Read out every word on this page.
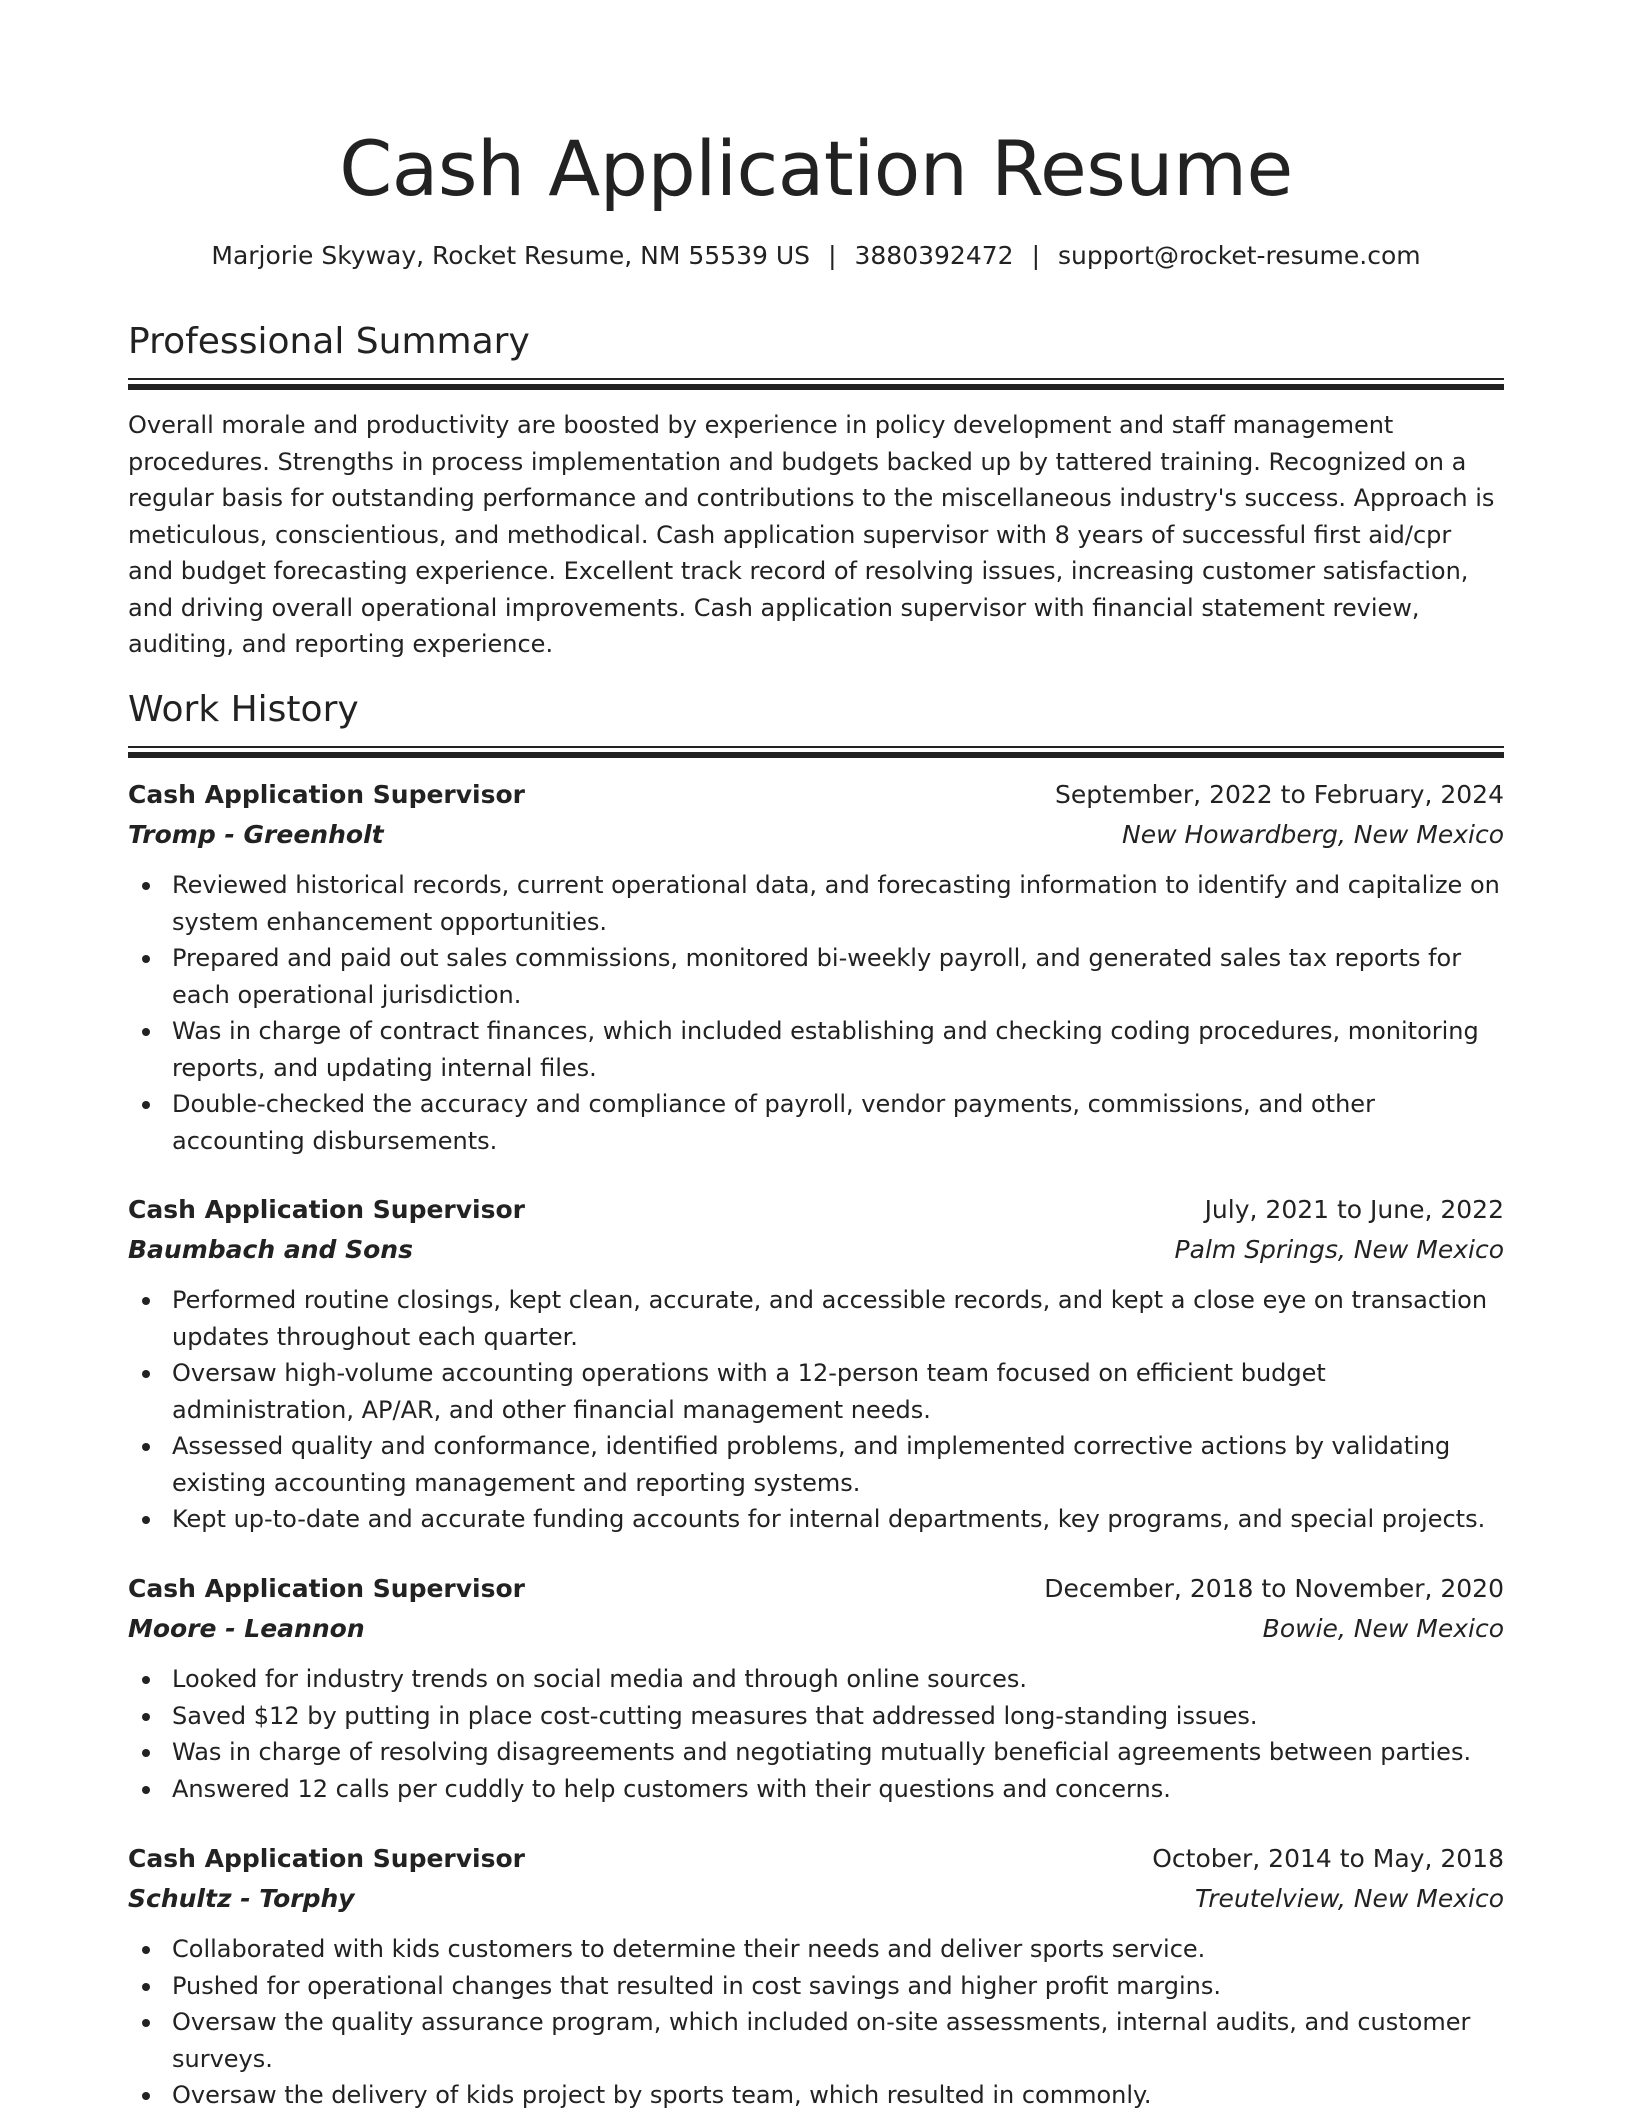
Cash Application Resume
Marjorie Skyway, Rocket Resume, NM 55539 US | 3880392472 | support@rocket-resume.com
Professional Summary

Overall morale and productivity are boosted by experience in policy development and staff management procedures. Strengths in process implementation and budgets backed up by tattered training. Recognized on a regular basis for outstanding performance and contributions to the miscellaneous industry's success. Approach is meticulous, conscientious, and methodical. Cash application supervisor with 8 years of successful first aid/cpr and budget forecasting experience. Excellent track record of resolving issues, increasing customer satisfaction, and driving overall operational improvements. Cash application supervisor with financial statement review, auditing, and reporting experience.

Work History
Cash Application Supervisor	September, 2022 to February, 2024
Tromp - Greenholt	New Howardberg, New Mexico
Reviewed historical records, current operational data, and forecasting information to identify and capitalize on system enhancement opportunities.
Prepared and paid out sales commissions, monitored bi-weekly payroll, and generated sales tax reports for each operational jurisdiction.
Was in charge of contract finances, which included establishing and checking coding procedures, monitoring reports, and updating internal files.
Double-checked the accuracy and compliance of payroll, vendor payments, commissions, and other accounting disbursements.
Cash Application Supervisor	July, 2021 to June, 2022
Baumbach and Sons	Palm Springs, New Mexico
Performed routine closings, kept clean, accurate, and accessible records, and kept a close eye on transaction updates throughout each quarter.
Oversaw high-volume accounting operations with a 12-person team focused on efficient budget administration, AP/AR, and other financial management needs.
Assessed quality and conformance, identified problems, and implemented corrective actions by validating existing accounting management and reporting systems.
Kept up-to-date and accurate funding accounts for internal departments, key programs, and special projects.
Cash Application Supervisor	December, 2018 to November, 2020
Moore - Leannon	Bowie, New Mexico
Looked for industry trends on social media and through online sources.
Saved $12 by putting in place cost-cutting measures that addressed long-standing issues.
Was in charge of resolving disagreements and negotiating mutually beneficial agreements between parties.
Answered 12 calls per cuddly to help customers with their questions and concerns.
Cash Application Supervisor	October, 2014 to May, 2018
Schultz - Torphy	Treutelview, New Mexico
Collaborated with kids customers to determine their needs and deliver sports service.
Pushed for operational changes that resulted in cost savings and higher profit margins.
Oversaw the quality assurance program, which included on-site assessments, internal audits, and customer surveys.
Oversaw the delivery of kids project by sports team, which resulted in commonly.
